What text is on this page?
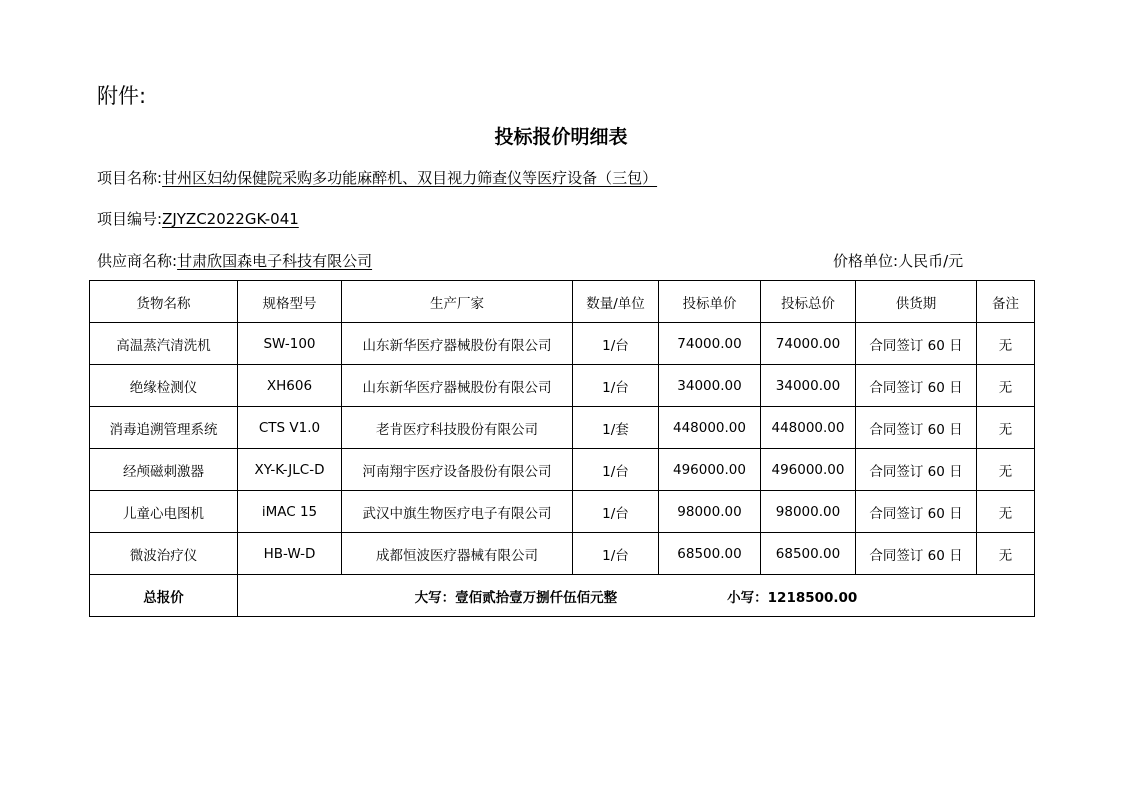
附件:
投标报价明细表
项目名称:甘州区妇幼保健院采购多功能麻醉机、双目视力筛查仪等医疗设备（三包）
项目编号:ZJYZC2022GK-041
供应商名称:甘肃欣国森电子科技有限公司	价格单位:人民币/元
货物名称	规格型号	生产厂家	数量/单位	投标单价	投标总价	供货期	备注
高温蒸汽清洗机	SW-100	山东新华医疗器械股份有限公司	1/台	74000.00	74000.00	合同签订 60 日	无
绝缘检测仪	XH606	山东新华医疗器械股份有限公司	1/台	34000.00	34000.00	合同签订 60 日	无
消毒追溯管理系统	CTS V1.0	老肯医疗科技股份有限公司	1/套	448000.00	448000.00	合同签订 60 日	无
经颅磁刺激器	XY-K-JLC-D	河南翔宇医疗设备股份有限公司	1/台	496000.00	496000.00	合同签订 60 日	无
儿童心电图机	iMAC 15	武汉中旗生物医疗电子有限公司	1/台	98000.00	98000.00	合同签订 60 日	无
微波治疗仪	HB-W-D	成都恒波医疗器械有限公司	1/台	68500.00	68500.00	合同签订 60 日	无
总报价	大写：壹佰贰拾壹万捌仟伍佰元整 小写：1218500.00						
